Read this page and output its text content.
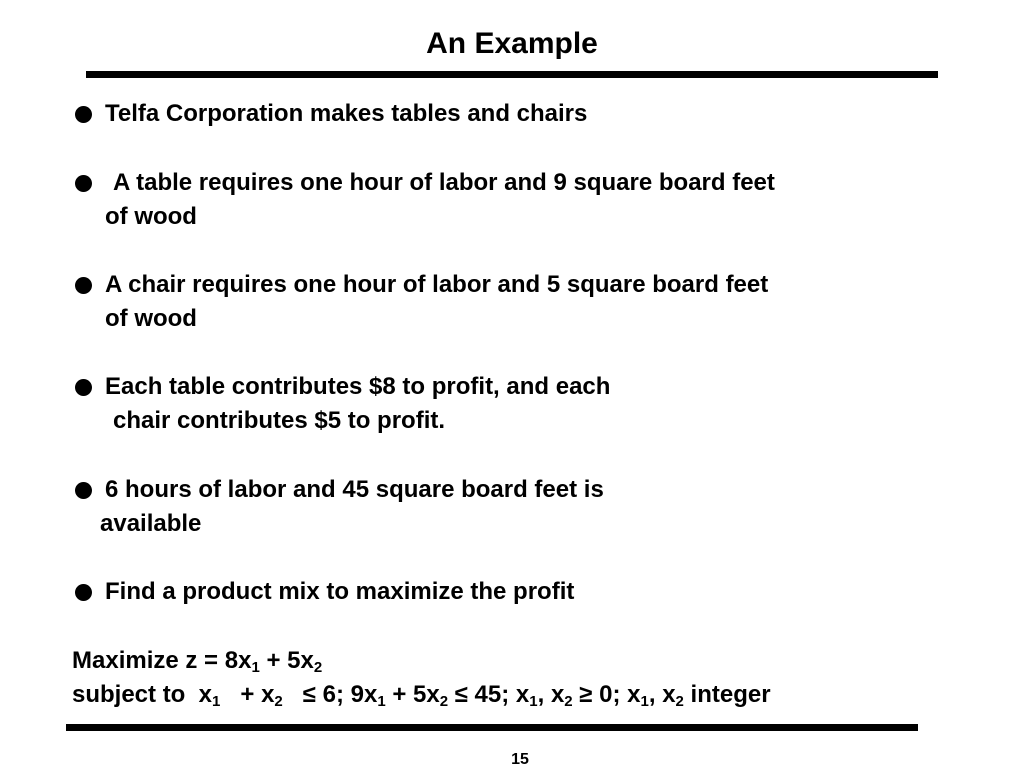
An Example
Telfa Corporation makes tables and chairs
A table requires one hour of labor and 9 square board feet
of wood
A chair requires one hour of labor and 5 square board feet
of wood
Each table contributes $8 to profit, and each
chair contributes $5 to profit.
6 hours of labor and 45 square board feet is
available
Find a product mix to maximize the profit
Maximize $z = 8x_1 + 5x_2$
subject to  $x_1 + x_2 \le 6$; $9x_1 + 5x_2 \le 45$; $x_1$, $x_2 \ge 0$; $x_1$, $x_2$ integer
15
